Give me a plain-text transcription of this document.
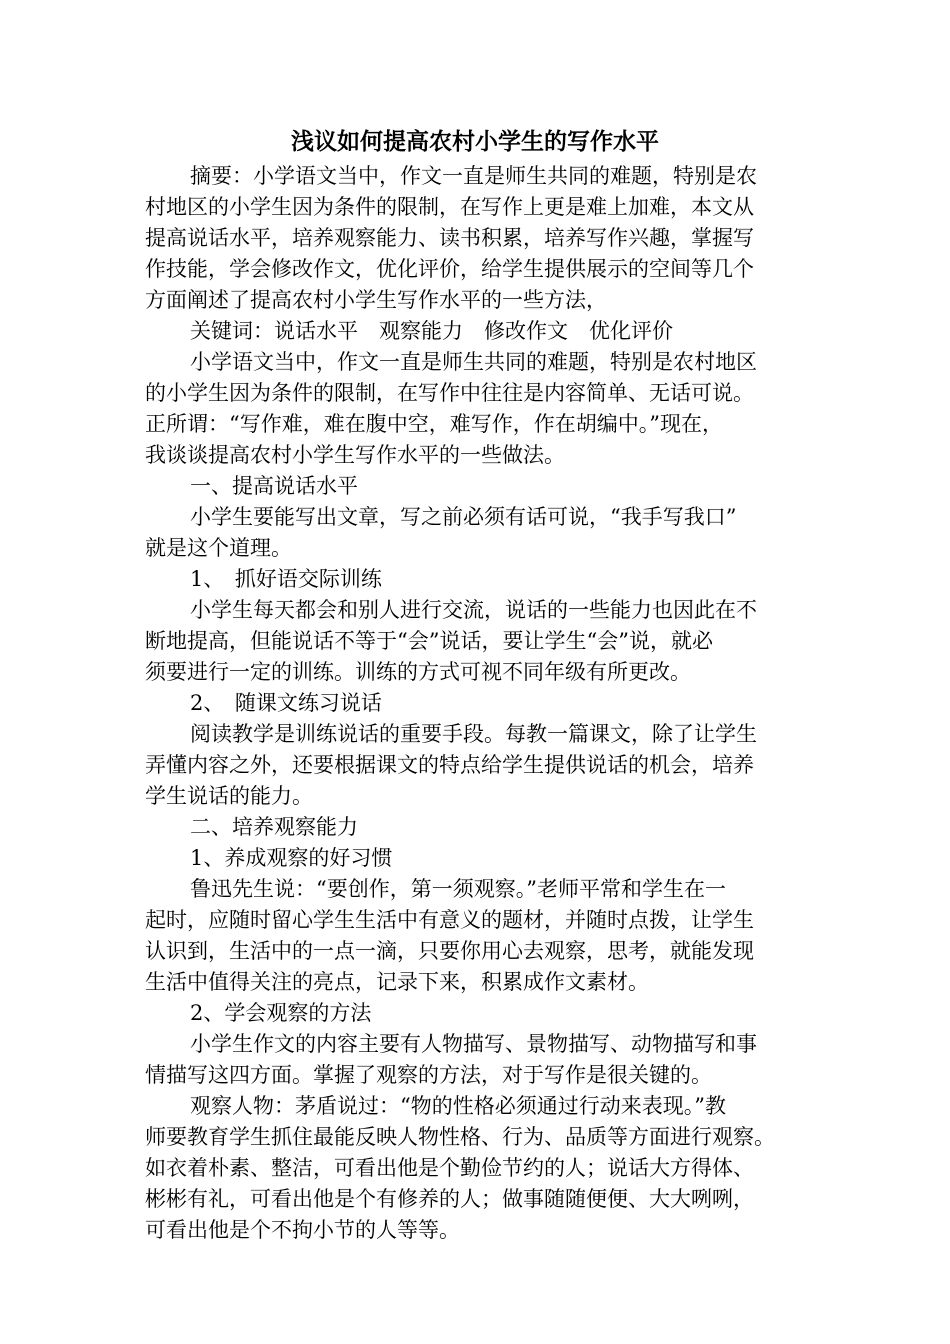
浅议如何提高农村小学生的写作水平
摘要：小学语文当中，作文一直是师生共同的难题，特别是农
村地区的小学生因为条件的限制，在写作上更是难上加难，本文从
提高说话水平，培养观察能力、读书积累，培养写作兴趣，掌握写
作技能，学会修改作文，优化评价，给学生提供展示的空间等几个
方面阐述了提高农村小学生写作水平的一些方法，
关键词：说话水平　观察能力　修改作文　优化评价
小学语文当中，作文一直是师生共同的难题，特别是农村地区
的小学生因为条件的限制，在写作中往往是内容简单、无话可说。
正所谓：“写作难，难在腹中空，难写作，作在胡编中。”现在，
我谈谈提高农村小学生写作水平的一些做法。
一、提高说话水平
小学生要能写出文章，写之前必须有话可说，“我手写我口”
就是这个道理。
1、　抓好语交际训练
小学生每天都会和别人进行交流，说话的一些能力也因此在不
断地提高，但能说话不等于“会”说话，要让学生“会”说，就必
须要进行一定的训练。训练的方式可视不同年级有所更改。
2、　随课文练习说话
阅读教学是训练说话的重要手段。每教一篇课文，除了让学生
弄懂内容之外，还要根据课文的特点给学生提供说话的机会，培养
学生说话的能力。
二、培养观察能力
1、养成观察的好习惯
鲁迅先生说：“要创作，第一须观察。”老师平常和学生在一
起时，应随时留心学生生活中有意义的题材，并随时点拨，让学生
认识到，生活中的一点一滴，只要你用心去观察，思考，就能发现
生活中值得关注的亮点，记录下来，积累成作文素材。
2、学会观察的方法
小学生作文的内容主要有人物描写、景物描写、动物描写和事
情描写这四方面。掌握了观察的方法，对于写作是很关键的。
观察人物：茅盾说过：“物的性格必须通过行动来表现。”教
师要教育学生抓住最能反映人物性格、行为、品质等方面进行观察。
如衣着朴素、整洁，可看出他是个勤俭节约的人；说话大方得体、
彬彬有礼，可看出他是个有修养的人；做事随随便便、大大咧咧，
可看出他是个不拘小节的人等等。
